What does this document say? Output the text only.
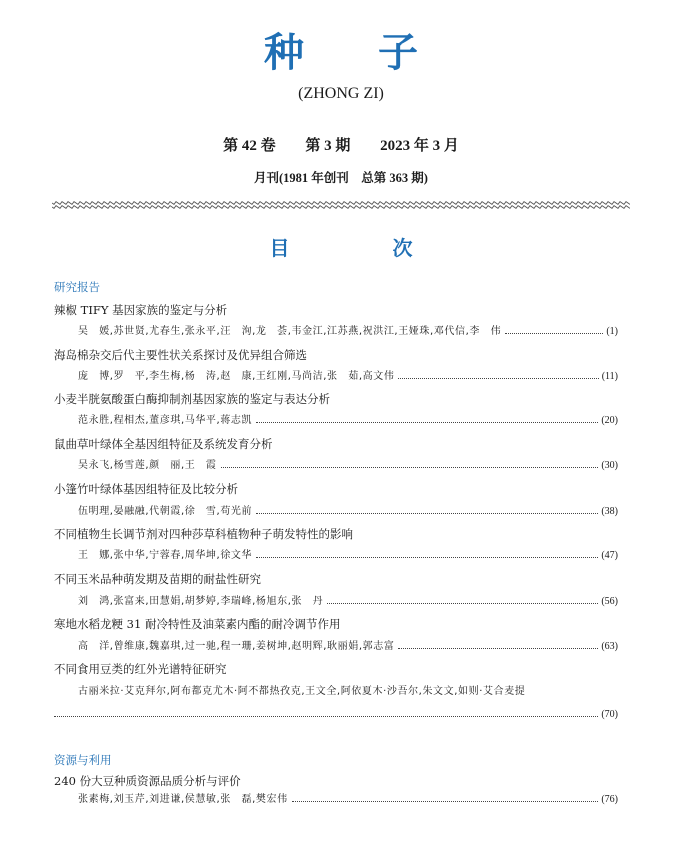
种 子
(ZHONG ZI)
第 42 卷 第 3 期 2023 年 3 月
月刊(1981 年创刊　总第 363 期)
目 次
研究报告
辣椒 TIFY 基因家族的鉴定与分析
吴　媛,苏世贤,尤春生,张永平,汪　洵,龙　荟,韦金江,江苏燕,祝洪江,王娅珠,邓代信,李　伟	(1)
海岛棉杂交后代主要性状关系探讨及优异组合筛选
庞　博,罗　平,李生梅,杨　涛,赵　康,王红刚,马尚洁,张　茹,高文伟	(11)
小麦半胱氨酸蛋白酶抑制剂基因家族的鉴定与表达分析
范永胜,程相杰,董彦琪,马华平,蒋志凯	(20)
鼠曲草叶绿体全基因组特征及系统发育分析
吴永飞,杨雪莲,颜　丽,王　霞	(30)
小篷竹叶绿体基因组特征及比较分析
伍明理,晏融融,代朝霞,徐　雪,苟光前	(38)
不同植物生长调节剂对四种莎草科植物种子萌发特性的影响
王　娜,张中华,宁蓉春,周华坤,徐文华	(47)
不同玉米品种萌发期及苗期的耐盐性研究
刘　鸿,张富来,田慧娟,胡梦婷,李瑞峰,杨旭东,张　丹	(56)
寒地水稻龙粳 31 耐冷特性及油菜素内酯的耐冷调节作用
高　洋,曾维康,魏嘉琪,过一驰,程一珊,姜树坤,赵明辉,耿丽娟,郭志富	(63)
不同食用豆类的红外光谱特征研究
古丽米拉·艾克拜尔,阿布都克尤木·阿不都热孜克,王文全,阿依夏木·沙吾尔,朱文文,如则·艾合麦提
(70)
资源与利用
240 份大豆种质资源品质分析与评价
张素梅,刘玉芹,刘进谦,侯慧敏,张　磊,樊宏伟	(76)
